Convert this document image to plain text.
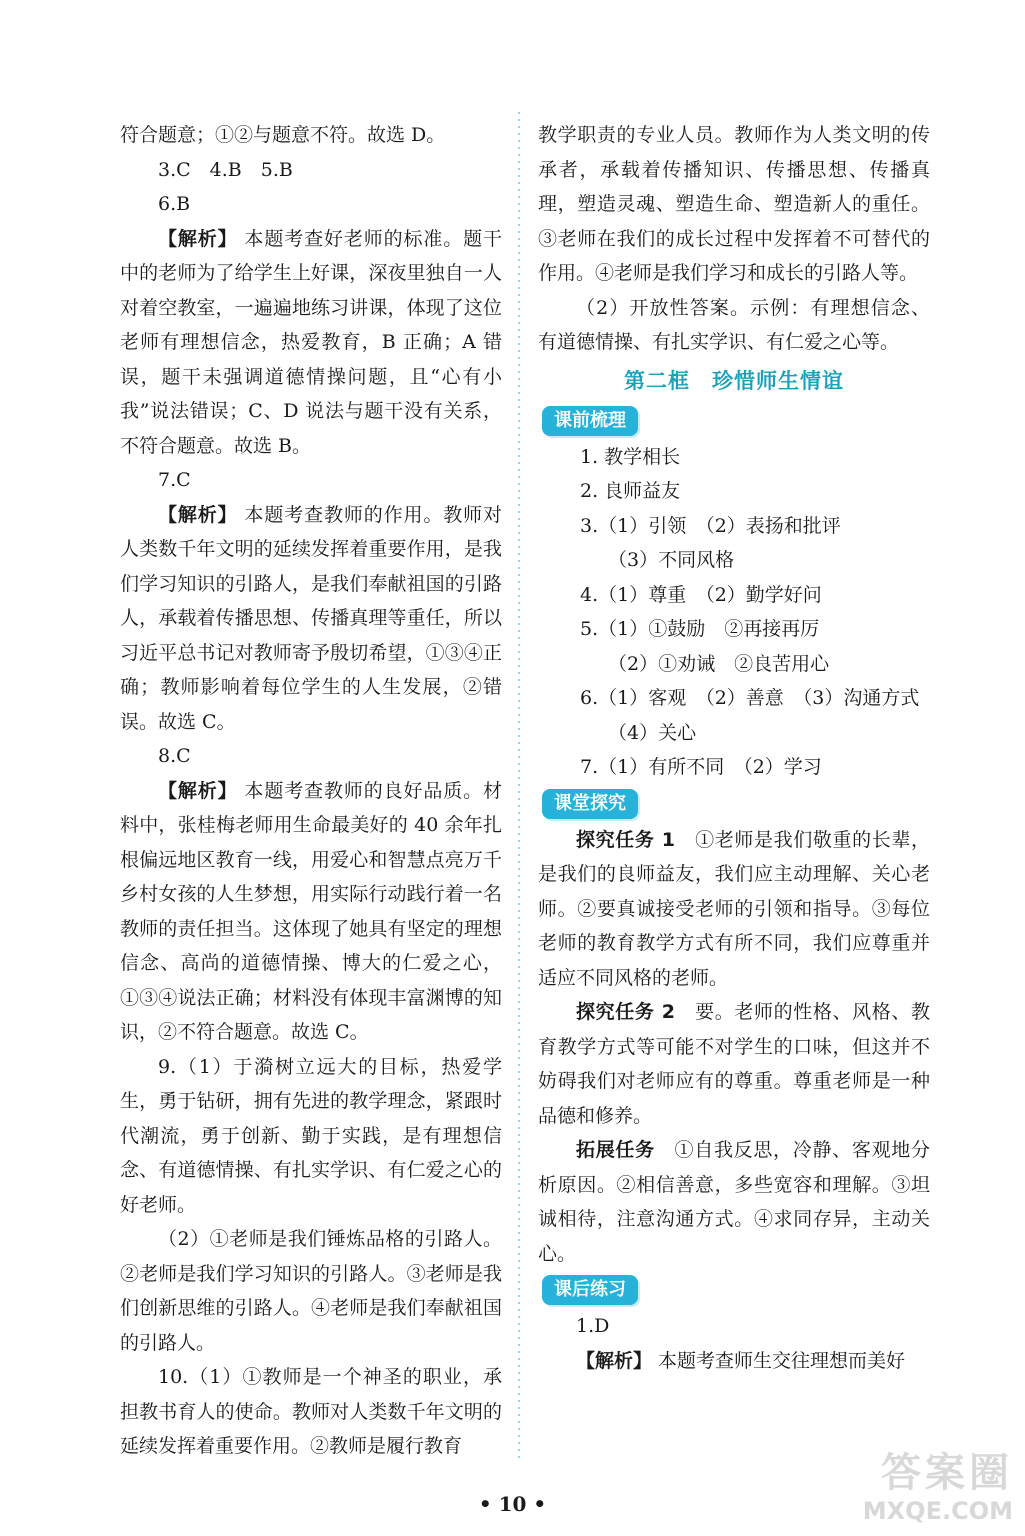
符合题意；①②与题意不符。故选 D。

3.C　4.B　5.B

6.B

【解析】 本题考查好老师的标准。题干中的老师为了给学生上好课，深夜里独自一人对着空教室，一遍遍地练习讲课，体现了这位老师有理想信念，热爱教育，B 正确；A 错误，题干未强调道德情操问题，且“心有小我”说法错误；C、D 说法与题干没有关系，不符合题意。故选 B。

7.C

【解析】 本题考查教师的作用。教师对人类数千年文明的延续发挥着重要作用，是我们学习知识的引路人，是我们奉献祖国的引路人，承载着传播思想、传播真理等重任，所以习近平总书记对教师寄予殷切希望，①③④正确；教师影响着每位学生的人生发展，②错误。故选 C。

8.C

【解析】 本题考查教师的良好品质。材料中，张桂梅老师用生命最美好的 40 余年扎根偏远地区教育一线，用爱心和智慧点亮万千乡村女孩的人生梦想，用实际行动践行着一名教师的责任担当。这体现了她具有坚定的理想信念、高尚的道德情操、博大的仁爱之心，①③④说法正确；材料没有体现丰富渊博的知识，②不符合题意。故选 C。

9.（1）于漪树立远大的目标，热爱学生，勇于钻研，拥有先进的教学理念，紧跟时代潮流，勇于创新、勤于实践，是有理想信念、有道德情操、有扎实学识、有仁爱之心的好老师。

（2）①老师是我们锤炼品格的引路人。②老师是我们学习知识的引路人。③老师是我们创新思维的引路人。④老师是我们奉献祖国的引路人。

10.（1）①教师是一个神圣的职业，承担教书育人的使命。教师对人类数千年文明的延续发挥着重要作用。②教师是履行教育

教学职责的专业人员。教师作为人类文明的传承者，承载着传播知识、传播思想、传播真理，塑造灵魂、塑造生命、塑造新人的重任。③老师在我们的成长过程中发挥着不可替代的作用。④老师是我们学习和成长的引路人等。

（2）开放性答案。示例：有理想信念、有道德情操、有扎实学识、有仁爱之心等。

第二框　珍惜师生情谊

课前梳理

1. 教学相长

2. 良师益友

3.（1）引领　（2）表扬和批评

（3）不同风格

4.（1）尊重　（2）勤学好问

5.（1）①鼓励　②再接再厉

（2）①劝诫　②良苦用心

6.（1）客观　（2）善意　（3）沟通方式

（4）关心

7.（1）有所不同　（2）学习

课堂探究

探究任务 1　①老师是我们敬重的长辈，是我们的良师益友，我们应主动理解、关心老师。②要真诚接受老师的引领和指导。③每位老师的教育教学方式有所不同，我们应尊重并适应不同风格的老师。

探究任务 2　要。老师的性格、风格、教育教学方式等可能不对学生的口味，但这并不妨碍我们对老师应有的尊重。尊重老师是一种品德和修养。

拓展任务　①自我反思，冷静、客观地分析原因。②相信善意，多些宽容和理解。③坦诚相待，注意沟通方式。④求同存异，主动关心。

课后练习

1.D

【解析】 本题考查师生交往理想而美好

• 10 •
答案圈
MXQE.COM
